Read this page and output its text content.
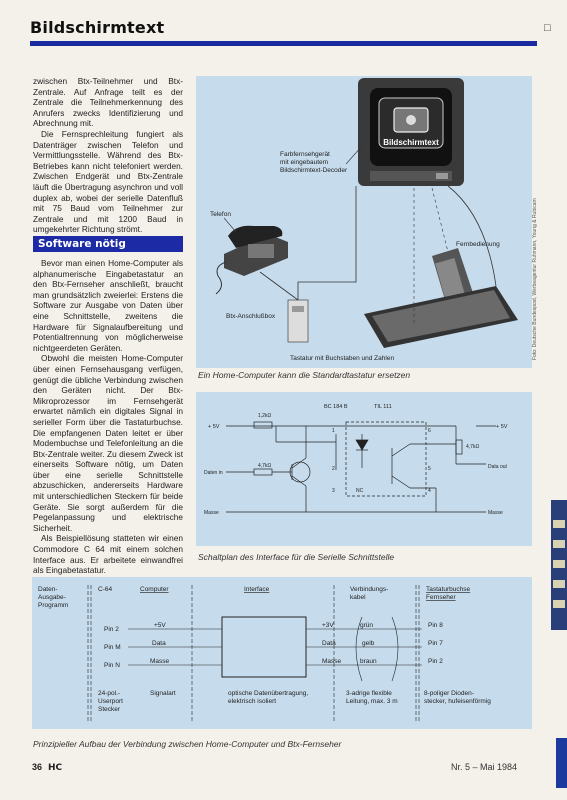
Bildschirmtext	□

zwischen Btx-Teilnehmer und Btx-Zentrale. Auf Anfrage teilt es der Zentrale die Teilnehmerkennung des Anrufers zwecks Identifizierung und Abrechnung mit.

Die Fernsprechleitung fungiert als Datenträger zwischen Telefon und Vermittlungsstelle. Während des Btx-Betriebes kann nicht telefoniert werden. Zwischen Endgerät und Btx-Zentrale läuft die Übertragung asynchron und voll duplex ab, wobei der serielle Datenfluß mit 75 Baud vom Teilnehmer zur Zentrale und mit 1200 Baud in umgekehrter Richtung strömt.

Software nötig

Bevor man einen Home-Computer als alphanumerische Eingabetastatur an den Btx-Fernseher anschließt, braucht man grundsätzlich zweierlei: Erstens die Software zur Ausgabe von Daten über eine Schnittstelle, zweitens die Hardware für Signalaufbereitung und Potentialtrennung von möglicherweise nichtgeerdeten Geräten.

Obwohl die meisten Home-Computer über einen Fernsehausgang verfügen, genügt die übliche Verbindung zwischen den Geräten nicht. Der Btx-Mikroprozessor im Fernsehgerät erwartet nämlich ein digitales Signal in serieller Form über die Tastaturbuchse. Die empfangenen Daten leitet er über Modembuchse und Telefonleitung an die Btx-Zentrale weiter. Zu diesem Zweck ist einerseits Software nötig, um Daten über eine serielle Schnittstelle abzuschicken, andererseits Hardware mit unterschiedlichen Steckern für beide Geräte. Sie sorgt außerdem für die Pegelanpassung und elektrische Sicherheit.

Als Beispiellösung statteten wir einen Commodore C 64 mit einem solchen Interface aus. Er arbeitete einwandfrei als Eingabetastatur.

Bildschirmtext
Farbfernsehgerät mit eingebautem Bildschirmtext-Decoder
Telefon
Fernbedienung
Btx-Anschlußbox
Tastatur mit Buchstaben und Zahlen
Ein Home-Computer kann die Standardtastatur ersetzen
Foto: Deutsche Bundespost, Werbeagentur Ruhmann, Young & Rubicam
BC 184 B	TIL 111
+ 5V	+ 5V
1,2kΩ
4,7kΩ
4,7kΩ
Daten in
Data out
Masse	Masse
1
2
3
6
5
4
NC
Schaltplan des Interface für die Serielle Schnittstelle
Daten-Ausgabe-Programm
C-64	Computer	Interface	Verbindungs-kabel
Tastaturbuchse Fernseher
Pin 2
Pin M
Pin N
+5V
Data
Masse
+3V
Data
Masse
grün
gelb
braun
Pin 8
Pin 7
Pin 2
24-pol.-Userport Stecker
Signalart	optische Datenübertragung, elektrisch isoliert
3-adrige flexible Leitung, max. 3 m
8-poliger Dioden-stecker, hufeisenförmig
Prinzipieller Aufbau der Verbindung zwischen Home-Computer und Btx-Fernseher
36 HC	Nr. 5 – Mai 1984
